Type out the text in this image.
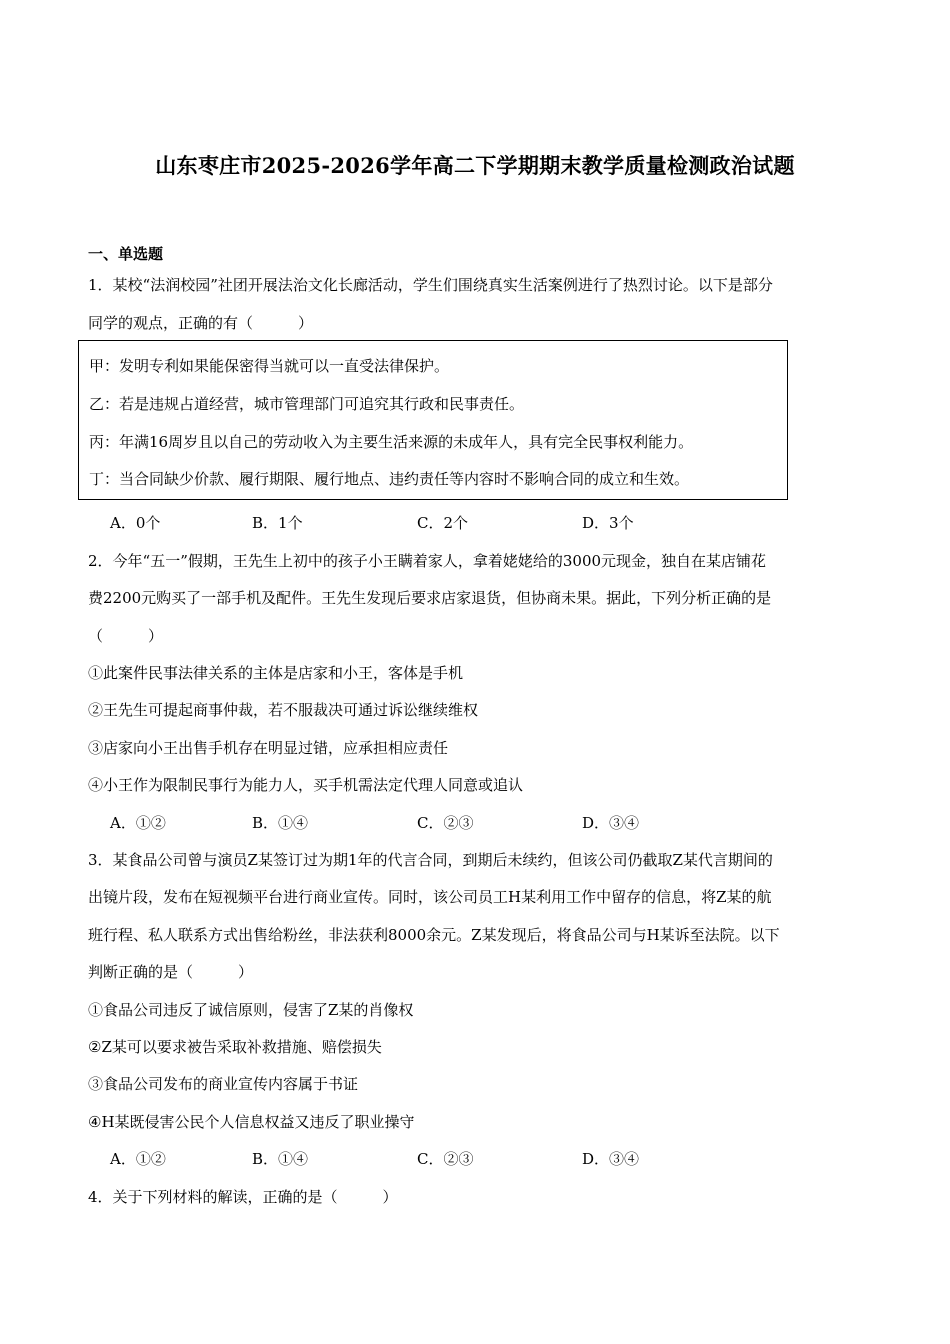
山东枣庄市2025-2026学年高二下学期期末教学质量检测政治试题
一、单选题
1．某校“法润校园”社团开展法治文化长廊活动，学生们围绕真实生活案例进行了热烈讨论。以下是部分
同学的观点，正确的有（　　　）
甲：发明专利如果能保密得当就可以一直受法律保护。
乙：若是违规占道经营，城市管理部门可追究其行政和民事责任。
丙：年满16周岁且以自己的劳动收入为主要生活来源的未成年人，具有完全民事权利能力。
丁：当合同缺少价款、履行期限、履行地点、违约责任等内容时不影响合同的成立和生效。
A．0个	B．1个	C．2个	D．3个
2．今年“五一”假期，王先生上初中的孩子小王瞒着家人，拿着姥姥给的3000元现金，独自在某店铺花
费2200元购买了一部手机及配件。王先生发现后要求店家退货，但协商未果。据此，下列分析正确的是
（　　　）
①此案件民事法律关系的主体是店家和小王，客体是手机
②王先生可提起商事仲裁，若不服裁决可通过诉讼继续维权
③店家向小王出售手机存在明显过错，应承担相应责任
④小王作为限制民事行为能力人，买手机需法定代理人同意或追认
A．①②	B．①④	C．②③	D．③④
3．某食品公司曾与演员Z某签订过为期1年的代言合同，到期后未续约，但该公司仍截取Z某代言期间的
出镜片段，发布在短视频平台进行商业宣传。同时，该公司员工H某利用工作中留存的信息，将Z某的航
班行程、私人联系方式出售给粉丝，非法获利8000余元。Z某发现后，将食品公司与H某诉至法院。以下
判断正确的是（　　　）
①食品公司违反了诚信原则，侵害了Z某的肖像权
②Z某可以要求被告采取补救措施、赔偿损失
③食品公司发布的商业宣传内容属于书证
④H某既侵害公民个人信息权益又违反了职业操守
A．①②	B．①④	C．②③	D．③④
4．关于下列材料的解读，正确的是（　　　）
